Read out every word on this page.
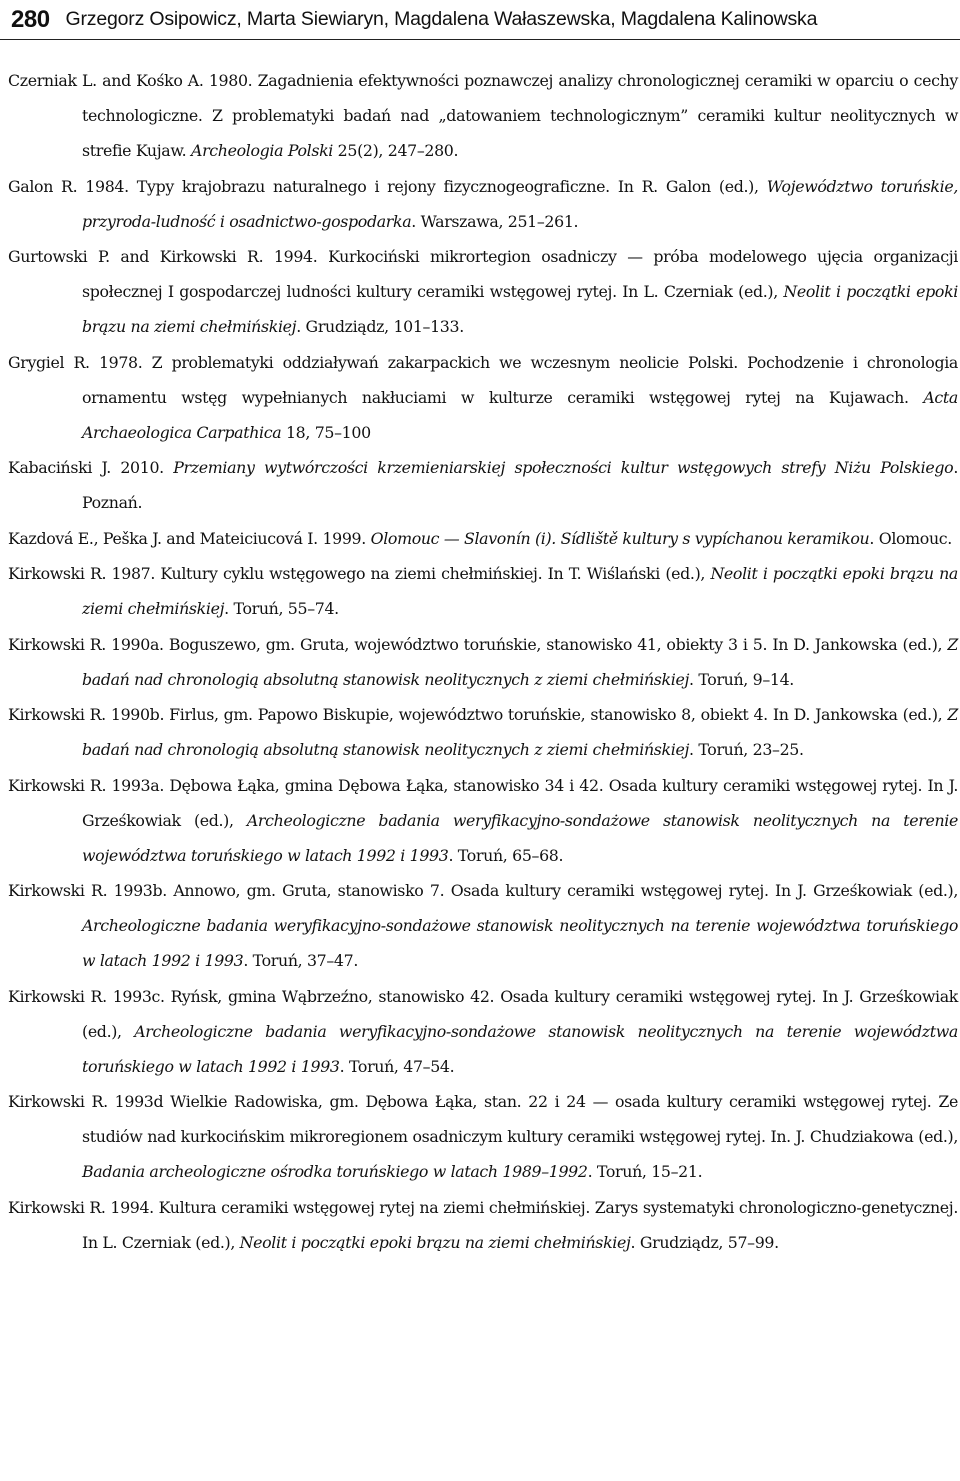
280 Grzegorz Osipowicz, Marta Siewiaryn, Magdalena Wałaszewska, Magdalena Kalinowska

Czerniak L. and Kośko A. 1980. Zagadnienia efektywności poznawczej analizy chronologicznej ceramiki w oparciu o cechy technologiczne. Z problematyki badań nad „datowaniem technologicznym” ceramiki kultur neolitycznych w strefie Kujaw. Archeologia Polski 25(2), 247–280.

Galon R. 1984. Typy krajobrazu naturalnego i rejony fizycznogeograficzne. In R. Galon (ed.), Województwo toruńskie, przyroda-ludność i osadnictwo-gospodarka. Warszawa, 251–261.

Gurtowski P. and Kirkowski R. 1994. Kurkociński mikrortegion osadniczy — próba modelowego ujęcia organizacji społecznej I gospodarczej ludności kultury ceramiki wstęgowej rytej. In L. Czerniak (ed.), Neolit i początki epoki brązu na ziemi chełmińskiej. Grudziądz, 101–133.

Grygiel R. 1978. Z problematyki oddziaływań zakarpackich we wczesnym neolicie Polski. Pochodzenie i chronologia ornamentu wstęg wypełnianych nakłuciami w kulturze ceramiki wstęgowej rytej na Kujawach. Acta Archaeologica Carpathica 18, 75–100

Kabaciński J. 2010. Przemiany wytwórczości krzemieniarskiej społeczności kultur wstęgowych strefy Niżu Polskiego. Poznań.

Kazdová E., Peška J. and Mateiciucová I. 1999. Olomouc — Slavonín (i). Sídliště kultury s vypíchanou keramikou. Olomouc.

Kirkowski R. 1987. Kultury cyklu wstęgowego na ziemi chełmińskiej. In T. Wiślański (ed.), Neolit i początki epoki brązu na ziemi chełmińskiej. Toruń, 55–74.

Kirkowski R. 1990a. Boguszewo, gm. Gruta, województwo toruńskie, stanowisko 41, obiekty 3 i 5. In D. Jankowska (ed.), Z badań nad chronologią absolutną stanowisk neolitycznych z ziemi chełmińskiej. Toruń, 9–14.

Kirkowski R. 1990b. Firlus, gm. Papowo Biskupie, województwo toruńskie, stanowisko 8, obiekt 4. In D. Jankowska (ed.), Z badań nad chronologią absolutną stanowisk neolitycznych z ziemi chełmińskiej. Toruń, 23–25.

Kirkowski R. 1993a. Dębowa Łąka, gmina Dębowa Łąka, stanowisko 34 i 42. Osada kultury ceramiki wstęgowej rytej. In J. Grześkowiak (ed.), Archeologiczne badania weryfikacyjno-sondażowe stanowisk neolitycznych na terenie województwa toruńskiego w latach 1992 i 1993. Toruń, 65–68.

Kirkowski R. 1993b. Annowo, gm. Gruta, stanowisko 7. Osada kultury ceramiki wstęgowej rytej. In J. Grześkowiak (ed.), Archeologiczne badania weryfikacyjno-sondażowe stanowisk neolitycznych na terenie województwa toruńskiego w latach 1992 i 1993. Toruń, 37–47.

Kirkowski R. 1993c. Ryńsk, gmina Wąbrzeźno, stanowisko 42. Osada kultury ceramiki wstęgowej rytej. In J. Grześkowiak (ed.), Archeologiczne badania weryfikacyjno-sondażowe stanowisk neolitycznych na terenie województwa toruńskiego w latach 1992 i 1993. Toruń, 47–54.

Kirkowski R. 1993d Wielkie Radowiska, gm. Dębowa Łąka, stan. 22 i 24 — osada kultury ceramiki wstęgowej rytej. Ze studiów nad kurkocińskim mikroregionem osadniczym kultury ceramiki wstęgowej rytej. In. J. Chudziakowa (ed.), Badania archeologiczne ośrodka toruńskiego w latach 1989–1992. Toruń, 15–21.

Kirkowski R. 1994. Kultura ceramiki wstęgowej rytej na ziemi chełmińskiej. Zarys systematyki chronologiczno-genetycznej. In L. Czerniak (ed.), Neolit i początki epoki brązu na ziemi chełmińskiej. Grudziądz, 57–99.
